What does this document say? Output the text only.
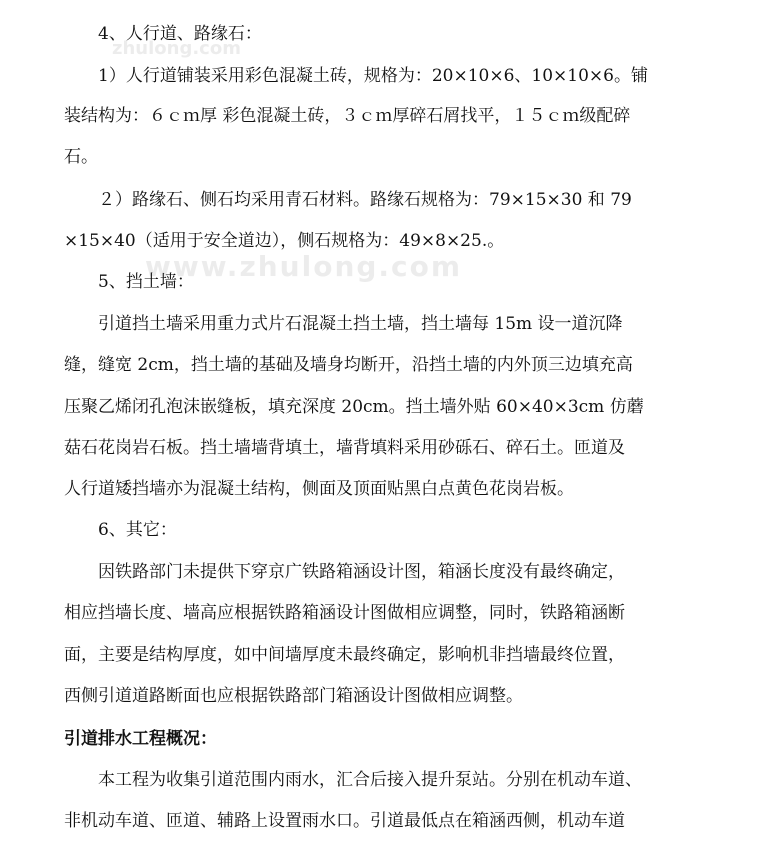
zhulong.com
www.zhulong.com
4、人行道、路缘石：
1）人行道铺装采用彩色混凝土砖，规格为：20×10×6、10×10×6。铺
装结构为：６ｃｍ厚 彩色混凝土砖，３ｃｍ厚碎石屑找平，１５ｃｍ级配碎
石。
２）路缘石、侧石均采用青石材料。路缘石规格为：79×15×30 和 79
×15×40（适用于安全道边），侧石规格为：49×8×25.。
5、挡土墙：
引道挡土墙采用重力式片石混凝土挡土墙，挡土墙每 15m 设一道沉降
缝，缝宽 2cm，挡土墙的基础及墙身均断开，沿挡土墙的内外顶三边填充高
压聚乙烯闭孔泡沫嵌缝板，填充深度 20cm。挡土墙外贴 60×40×3cm 仿蘑
菇石花岗岩石板。挡土墙墙背填土，墙背填料采用砂砾石、碎石土。匝道及
人行道矮挡墙亦为混凝土结构，侧面及顶面贴黑白点黄色花岗岩板。
6、其它：
因铁路部门未提供下穿京广铁路箱涵设计图，箱涵长度没有最终确定，
相应挡墙长度、墙高应根据铁路箱涵设计图做相应调整，同时，铁路箱涵断
面，主要是结构厚度，如中间墙厚度未最终确定，影响机非挡墙最终位置，
西侧引道道路断面也应根据铁路部门箱涵设计图做相应调整。
引道排水工程概况：
本工程为收集引道范围内雨水，汇合后接入提升泵站。分别在机动车道、
非机动车道、匝道、辅路上设置雨水口。引道最低点在箱涵西侧，机动车道
